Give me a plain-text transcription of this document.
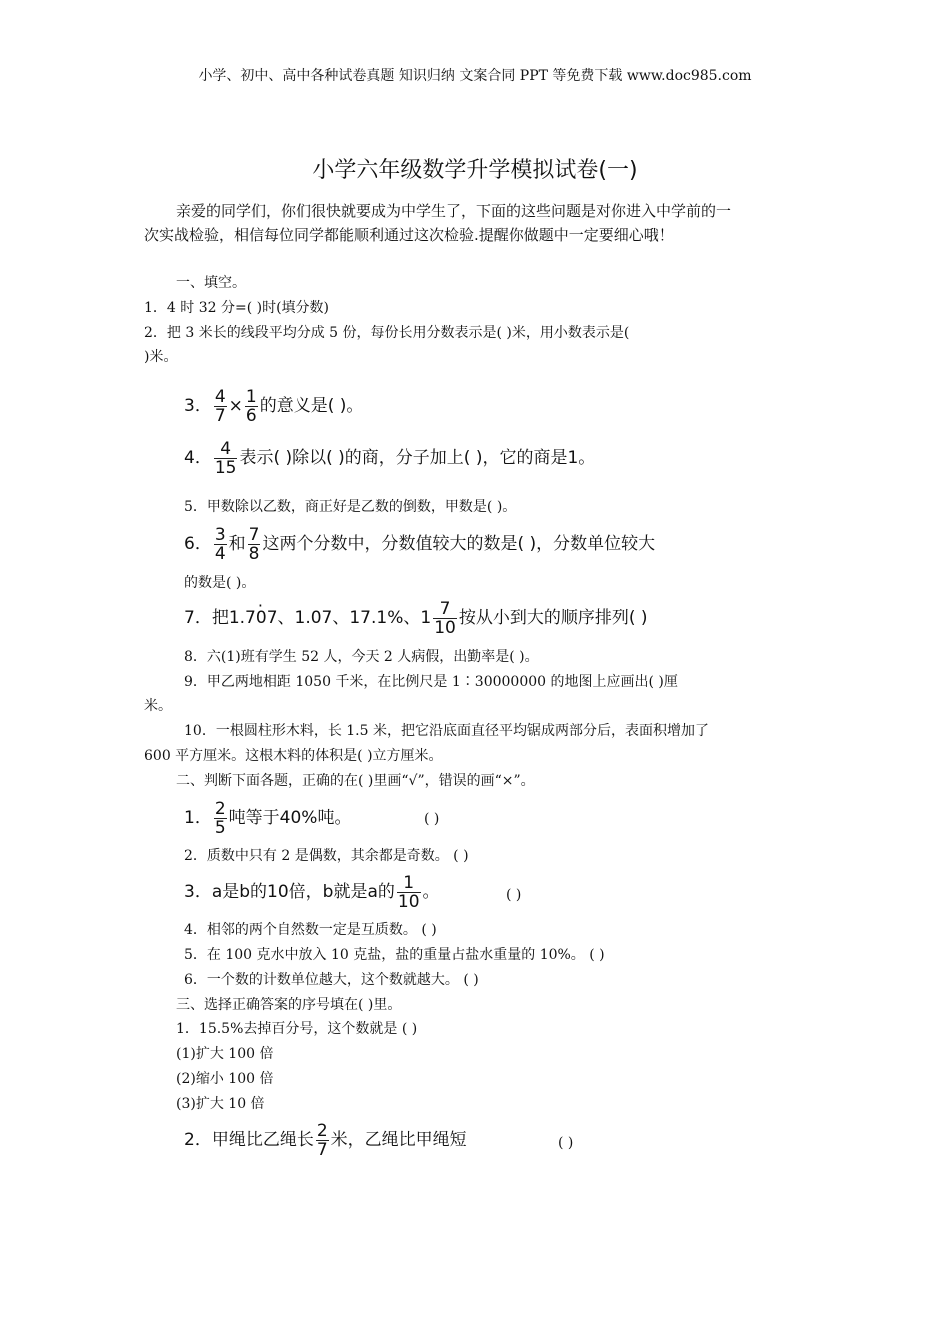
小学、初中、高中各种试卷真题 知识归纳 文案合同 PPT 等免费下载 www.doc985.com
小学六年级数学升学模拟试卷(一)
亲爱的同学们，你们很快就要成为中学生了，下面的这些问题是对你进入中学前的一
次实战检验，相信每位同学都能顺利通过这次检验.提醒你做题中一定要细心哦！
一、填空。
1．4 时 32 分=( )时(填分数)
2．把 3 米长的线段平均分成 5 份，每份长用分数表示是( )米，用小数表示是(
)米。
3． $\frac{4}{7} \times \frac{1}{6}$ 的意义是( )。
4． $\frac{4}{15}$ 表示( )除以( )的商，分子加上( )，它的商是1。
5．甲数除以乙数，商正好是乙数的倒数，甲数是( )。
6． $\frac{3}{4}$ 和 $\frac{7}{8}$ 这两个分数中，分数值较大的数是( )，分数单位较大
的数是( )。
7．把1.70 ·7、1.07、17.1%、$1 \frac{7}{10}$ 按从小到大的顺序排列( )
8．六(1)班有学生 52 人，今天 2 人病假，出勤率是( )。
9．甲乙两地相距 1050 千米，在比例尺是 1∶30000000 的地图上应画出( )厘
米。
10．一根圆柱形木料，长 1.5 米，把它沿底面直径平均锯成两部分后，表面积增加了
600 平方厘米。这根木料的体积是( )立方厘米。
二、判断下面各题，正确的在( )里画“√”，错误的画“×”。
1． $\frac{2}{5}$ 吨等于40%吨。	( )
2．质数中只有 2 是偶数，其余都是奇数。 ( )
3．a是b的10倍，b就是a的 $\frac{1}{10}$ 。	( )
4．相邻的两个自然数一定是互质数。 ( )
5．在 100 克水中放入 10 克盐，盐的重量占盐水重量的 10%。 ( )
6．一个数的计数单位越大，这个数就越大。 ( )
三、选择正确答案的序号填在( )里。
1．15.5%去掉百分号，这个数就是 ( )
(1)扩大 100 倍
(2)缩小 100 倍
(3)扩大 10 倍
2．甲绳比乙绳长 $\frac{2}{7}$ 米，乙绳比甲绳短	( )
